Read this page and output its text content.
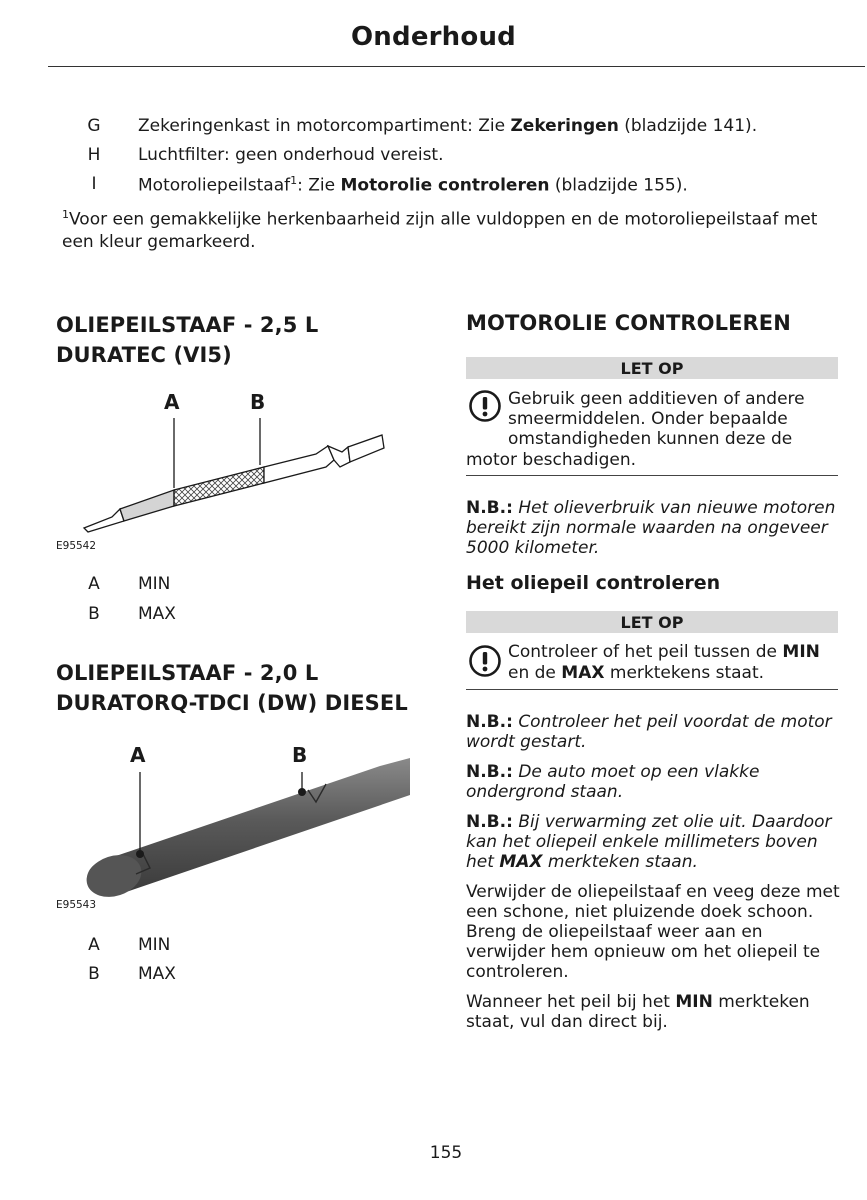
Onderhoud
G Zekeringenkast in motorcompartiment: Zie Zekeringen (bladzijde 141).
H Luchtfilter: geen onderhoud vereist.
I	Motoroliepeilstaaf$^1$: Zie Motorolie controleren (bladzijde 155).
$^1$Voor een gemakkelijke herkenbaarheid zijn alle vuldoppen en de motoroliepeilstaaf met een kleur gemarkeerd.
OLIEPEILSTAAF - 2,5 L
DURATEC (VI5)
A	B
E95542
A MIN
B MAX
OLIEPEILSTAAF - 2,0 L
DURATORQ-TDCI (DW) DIESEL
A	B
E95543
A MIN
B MAX
MOTOROLIE CONTROLEREN
LET OP
Gebruik geen additieven of andere
smeermiddelen. Onder bepaalde
omstandigheden kunnen deze de
motor beschadigen.
N.B.: Het olieverbruik van nieuwe motoren bereikt zijn normale waarden na ongeveer 5000 kilometer.
Het oliepeil controleren
LET OP
Controleer of het peil tussen de MIN
en de MAX merktekens staat.
N.B.: Controleer het peil voordat de motor wordt gestart.
N.B.: De auto moet op een vlakke ondergrond staan.
N.B.: Bij verwarming zet olie uit. Daardoor kan het oliepeil enkele millimeters boven het MAX merkteken staan.
Verwijder de oliepeilstaaf en veeg deze met een schone, niet pluizende doek schoon. Breng de oliepeilstaaf weer aan en verwijder hem opnieuw om het oliepeil te controleren.
Wanneer het peil bij het MIN merkteken staat, vul dan direct bij.
155
